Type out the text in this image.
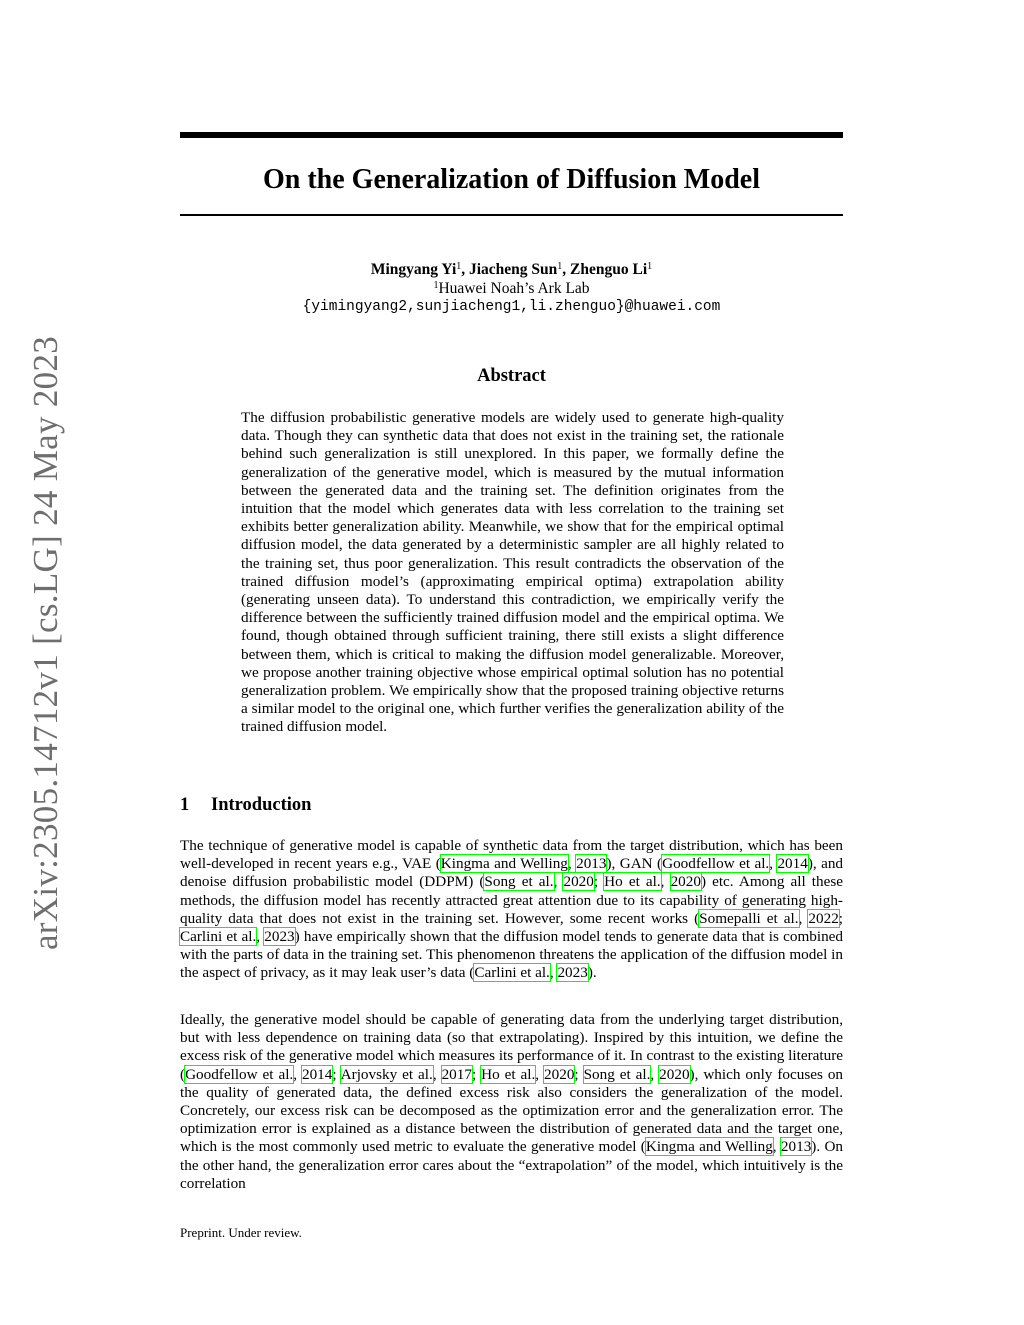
arXiv:2305.14712v1 [cs.LG] 24 May 2023
On the Generalization of Diffusion Model
Mingyang Yi$^1$, Jiacheng Sun$^1$, Zhenguo Li$^1$
$^1$Huawei Noah’s Ark Lab
{yimingyang2,sunjiacheng1,li.zhenguo}@huawei.com
Abstract
The diffusion probabilistic generative models are widely used to generate high-quality data. Though they can synthetic data that does not exist in the training set, the rationale behind such generalization is still unexplored. In this paper, we formally define the generalization of the generative model, which is measured by the mutual information between the generated data and the training set. The definition originates from the intuition that the model which generates data with less correlation to the training set exhibits better generalization ability. Meanwhile, we show that for the empirical optimal diffusion model, the data generated by a deterministic sampler are all highly related to the training set, thus poor generalization. This result contradicts the observation of the trained diffusion model’s (approximating empirical optima) extrapolation ability (generating unseen data). To understand this contradiction, we empirically verify the difference between the sufficiently trained diffusion model and the empirical optima. We found, though obtained through sufficient training, there still exists a slight difference between them, which is critical to making the diffusion model generalizable. Moreover, we propose another training objective whose empirical optimal solution has no potential generalization problem. We empirically show that the proposed training objective returns a similar model to the original one, which further verifies the generalization ability of the trained diffusion model.
1 Introduction
The technique of generative model is capable of synthetic data from the target distribution, which has been well-developed in recent years e.g., VAE (Kingma and Welling, 2013), GAN (Goodfellow et al., 2014), and denoise diffusion probabilistic model (DDPM) (Song et al., 2020; Ho et al., 2020) etc. Among all these methods, the diffusion model has recently attracted great attention due to its capability of generating high-quality data that does not exist in the training set. However, some recent works (Somepalli et al., 2022; Carlini et al., 2023) have empirically shown that the diffusion model tends to generate data that is combined with the parts of data in the training set. This phenomenon threatens the application of the diffusion model in the aspect of privacy, as it may leak user’s data (Carlini et al., 2023).
Ideally, the generative model should be capable of generating data from the underlying target distribution, but with less dependence on training data (so that extrapolating). Inspired by this intuition, we define the excess risk of the generative model which measures its performance of it. In contrast to the existing literature (Goodfellow et al., 2014; Arjovsky et al., 2017; Ho et al., 2020; Song et al., 2020), which only focuses on the quality of generated data, the defined excess risk also considers the generalization of the model. Concretely, our excess risk can be decomposed as the optimization error and the generalization error. The optimization error is explained as a distance between the distribution of generated data and the target one, which is the most commonly used metric to evaluate the generative model (Kingma and Welling, 2013). On the other hand, the generalization error cares about the “extrapolation” of the model, which intuitively is the correlation
Preprint. Under review.
